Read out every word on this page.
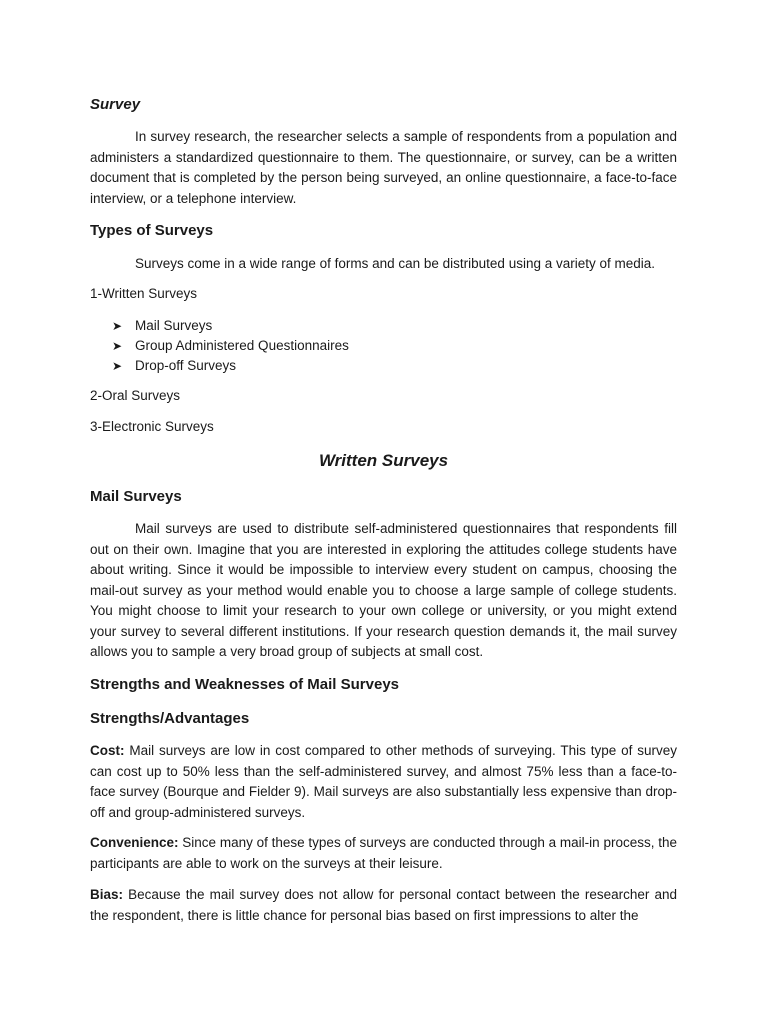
Survey

In survey research, the researcher selects a sample of respondents from a population and administers a standardized questionnaire to them. The questionnaire, or survey, can be a written document that is completed by the person being surveyed, an online questionnaire, a face-to-face interview, or a telephone interview.

Types of Surveys
Surveys come in a wide range of forms and can be distributed using a variety of media.
1-Written Surveys
➤ Mail Surveys
➤ Group Administered Questionnaires
➤ Drop-off Surveys
2-Oral Surveys
3-Electronic Surveys
Written Surveys
Mail Surveys

Mail surveys are used to distribute self-administered questionnaires that respondents fill out on their own. Imagine that you are interested in exploring the attitudes college students have about writing. Since it would be impossible to interview every student on campus, choosing the mail-out survey as your method would enable you to choose a large sample of college students. You might choose to limit your research to your own college or university, or you might extend your survey to several different institutions. If your research question demands it, the mail survey allows you to sample a very broad group of subjects at small cost.

Strengths and Weaknesses of Mail Surveys
Strengths/Advantages

Cost: Mail surveys are low in cost compared to other methods of surveying. This type of survey can cost up to 50% less than the self-administered survey, and almost 75% less than a face-to-face survey (Bourque and Fielder 9). Mail surveys are also substantially less expensive than drop-off and group-administered surveys.

Convenience: Since many of these types of surveys are conducted through a mail-in process, the participants are able to work on the surveys at their leisure.

Bias: Because the mail survey does not allow for personal contact between the researcher and the respondent, there is little chance for personal bias based on first impressions to alter the
